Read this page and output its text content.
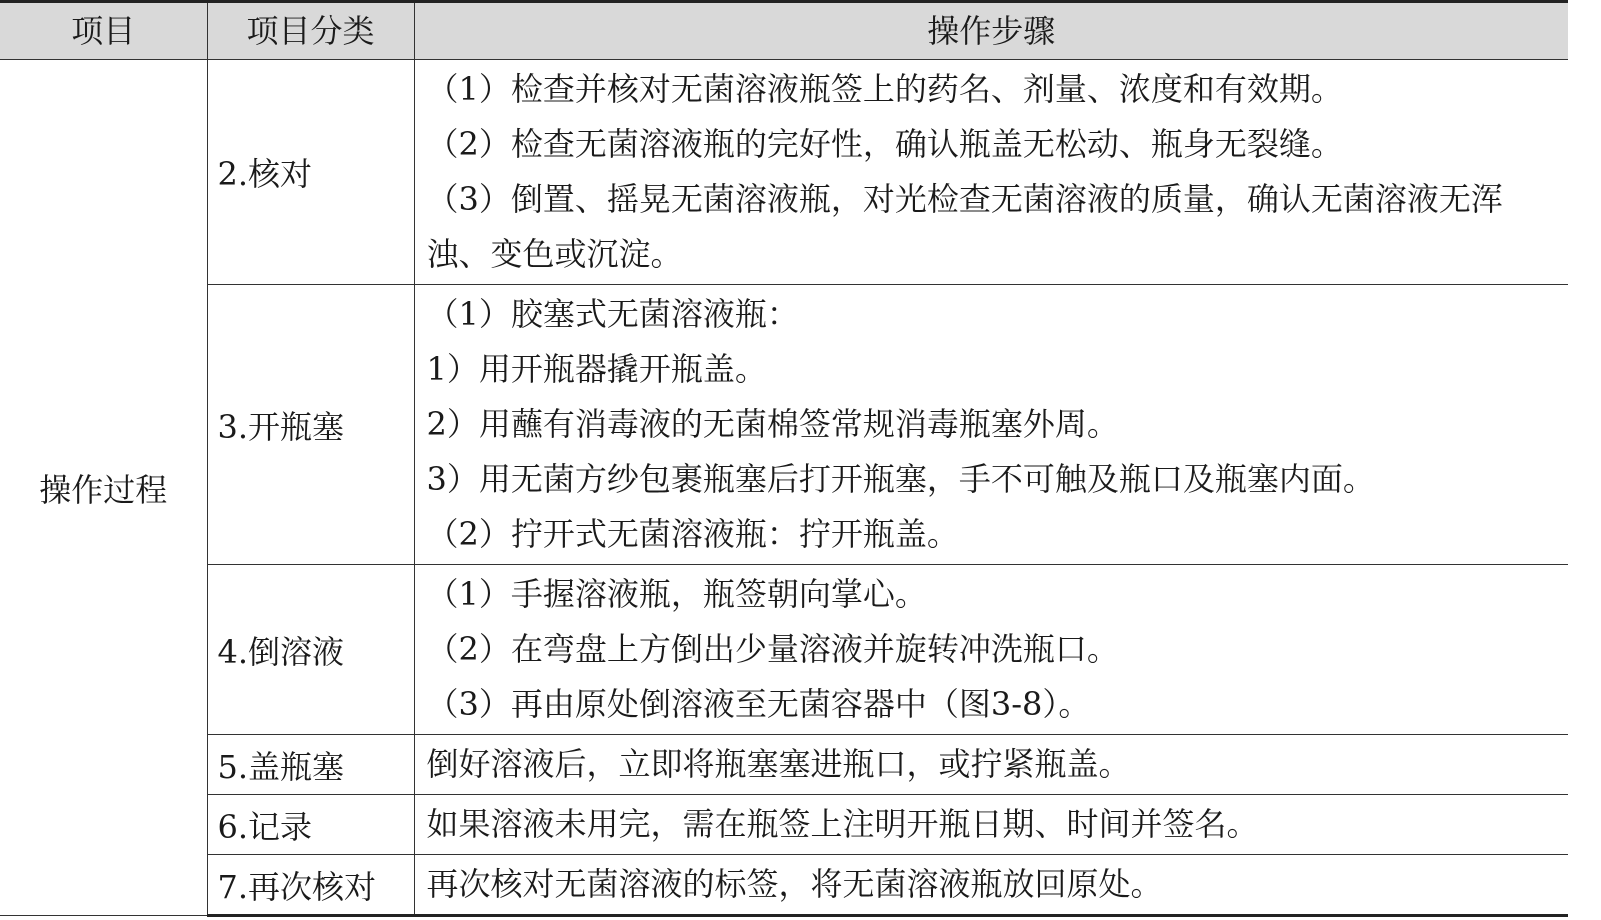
项目	项目分类	操作步骤
操作过程	2.核对	（1）检查并核对无菌溶液瓶签上的药名、剂量、浓度和有效期。
（2）检查无菌溶液瓶的完好性，确认瓶盖无松动、瓶身无裂缝。
（3）倒置、摇晃无菌溶液瓶，对光检查无菌溶液的质量，确认无菌溶液无浑浊、变色或沉淀。

	3.开瓶塞	（1）胶塞式无菌溶液瓶：
1）用开瓶器撬开瓶盖。
2）用蘸有消毒液的无菌棉签常规消毒瓶塞外周。
3）用无菌方纱包裹瓶塞后打开瓶塞，手不可触及瓶口及瓶塞内面。
（2）拧开式无菌溶液瓶：拧开瓶盖。

	4.倒溶液	（1）手握溶液瓶，瓶签朝向掌心。
（2）在弯盘上方倒出少量溶液并旋转冲洗瓶口。
（3）再由原处倒溶液至无菌容器中（图3-8）。

	5.盖瓶塞	倒好溶液后，立即将瓶塞塞进瓶口，或拧紧瓶盖。

	6.记录	如果溶液未用完，需在瓶签上注明开瓶日期、时间并签名。

	7.再次核对	再次核对无菌溶液的标签，将无菌溶液瓶放回原处。
